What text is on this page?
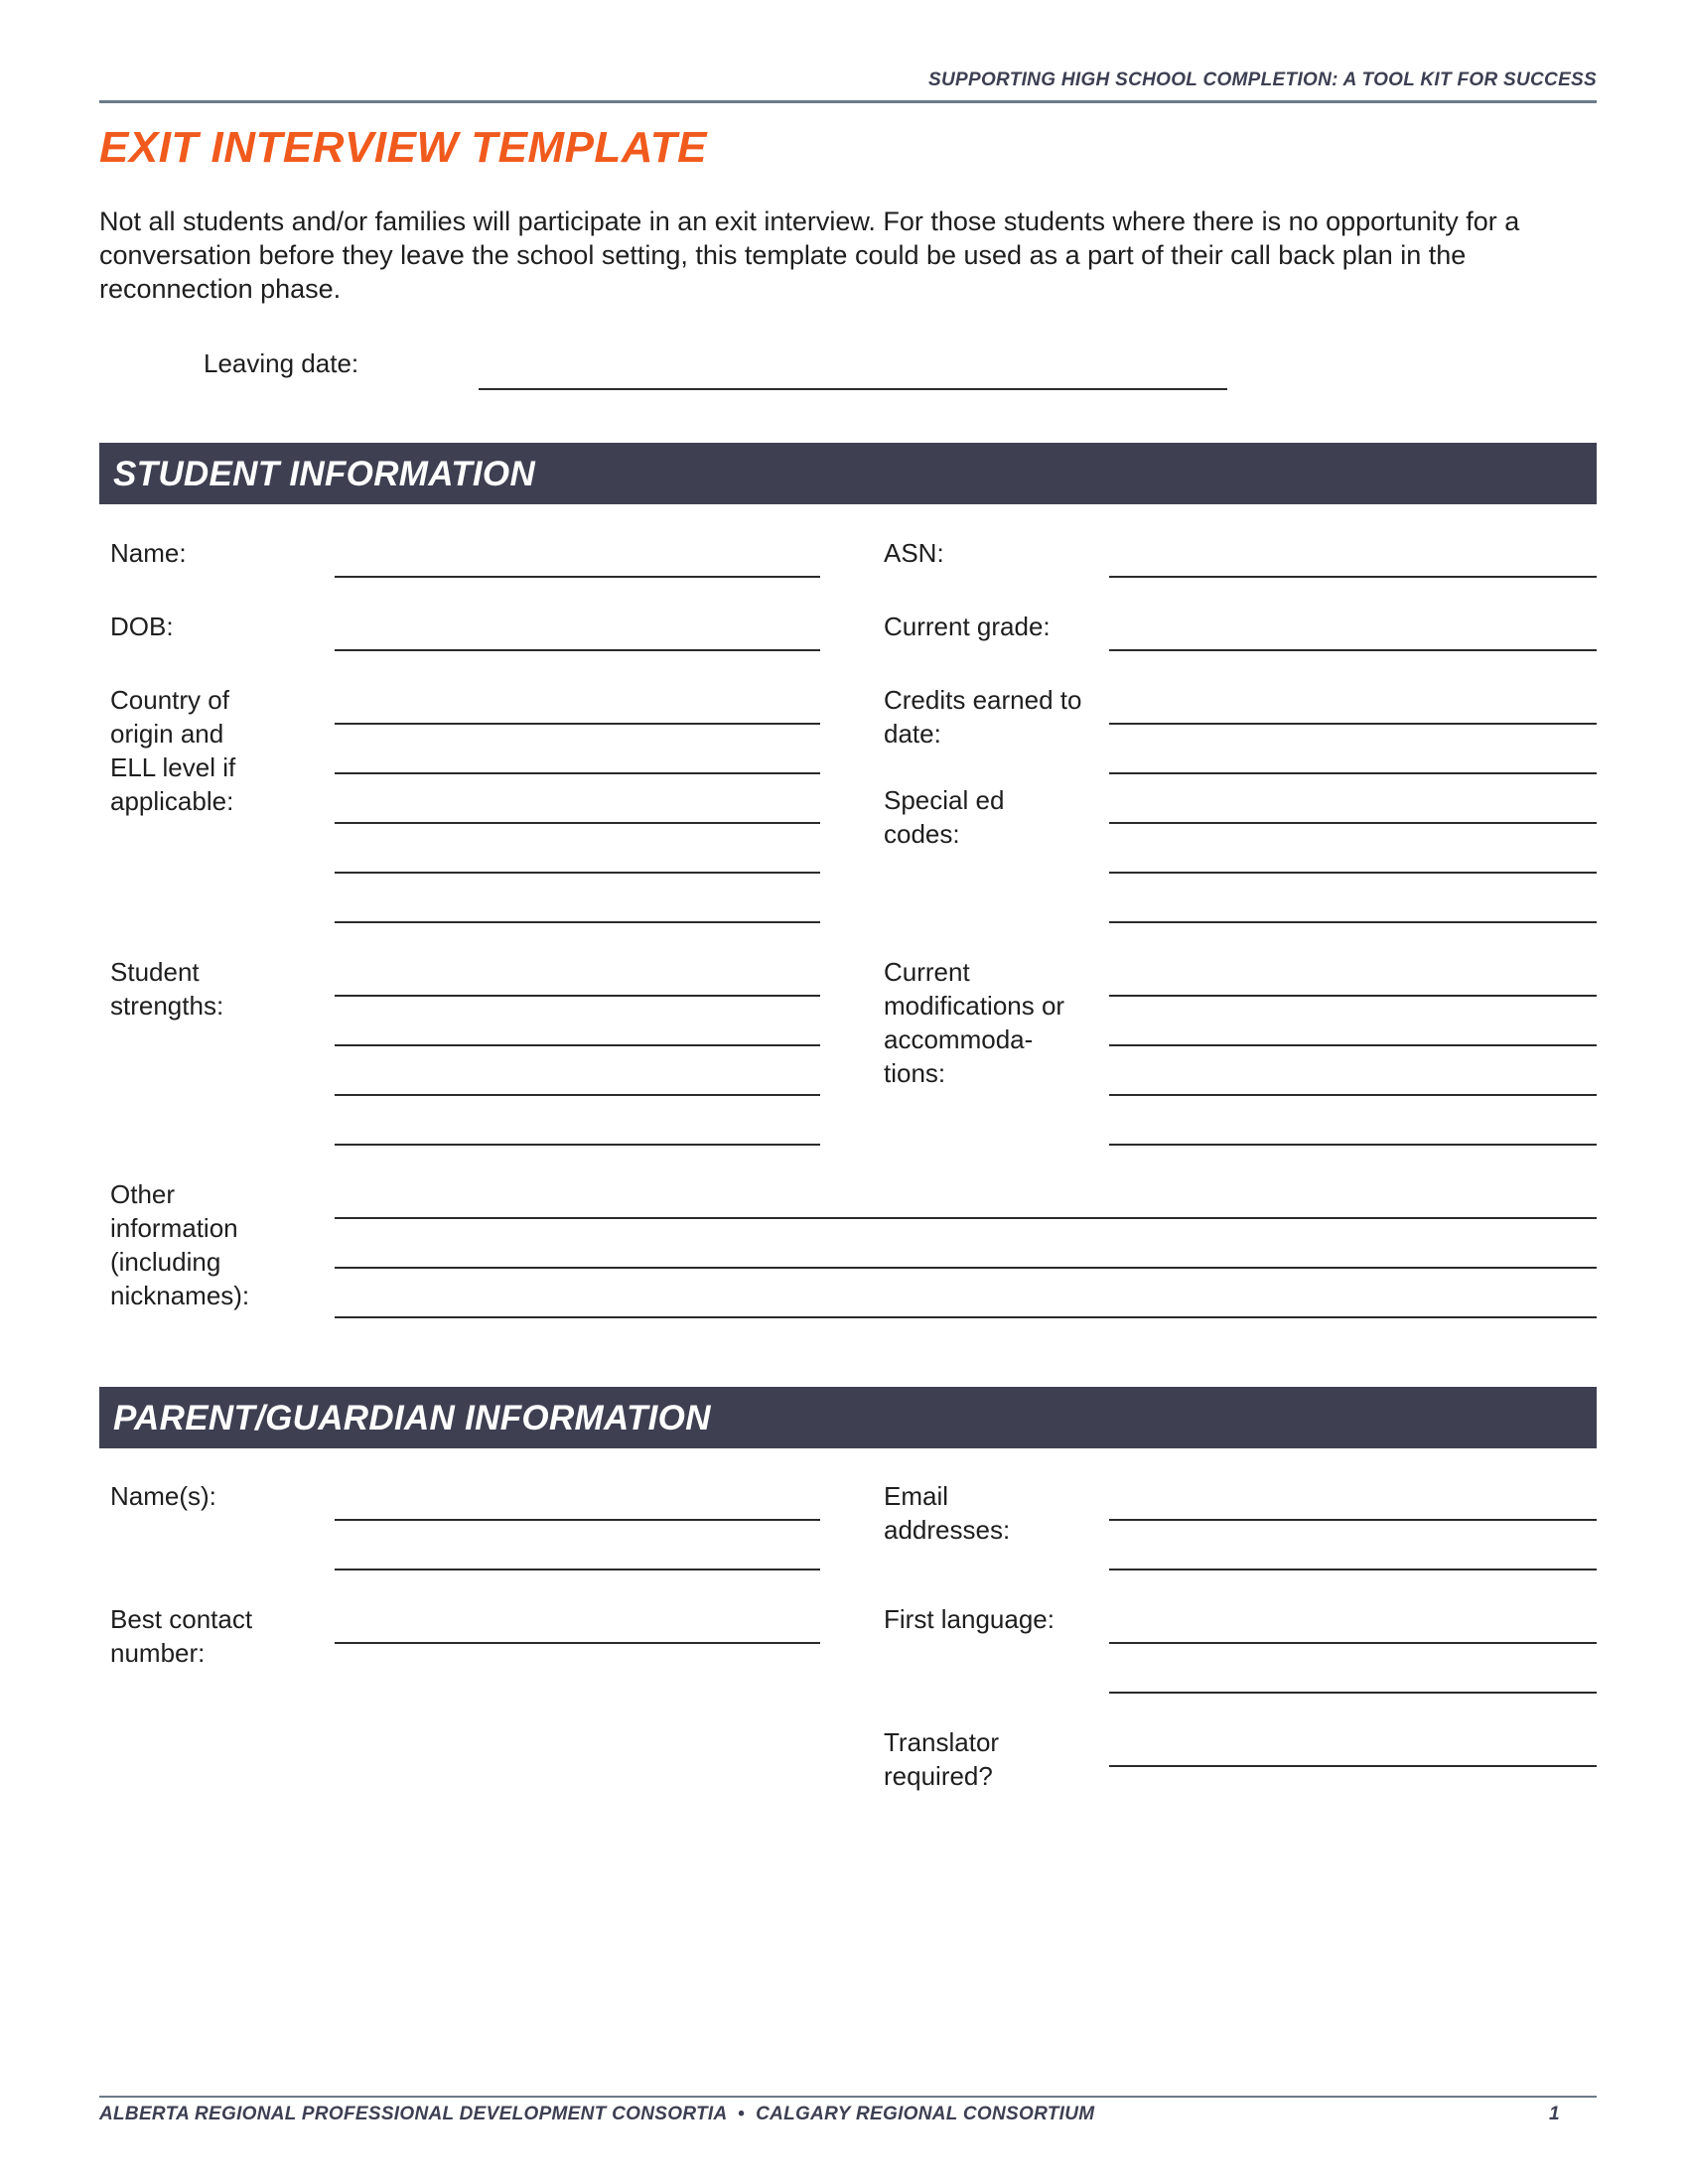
SUPPORTING HIGH SCHOOL COMPLETION: A TOOL KIT FOR SUCCESS
EXIT INTERVIEW TEMPLATE
Not all students and/or families will participate in an exit interview. For those students where there is no opportunity for a conversation before they leave the school setting, this template could be used as a part of their call back plan in the reconnection phase.
Leaving date:
STUDENT INFORMATION
Name:	ASN:
DOB:	Current grade:
Country of origin and ELL level if applicable:
Credits earned to date:
Special ed codes:
Student strengths:
Current modifications or accommoda-tions:
Other information (including nicknames):
PARENT/GUARDIAN INFORMATION
Name(s):	Email addresses:
Best contact number:
First language:
Translator required?
ALBERTA REGIONAL PROFESSIONAL DEVELOPMENT CONSORTIA  •  CALGARY REGIONAL CONSORTIUM	1
